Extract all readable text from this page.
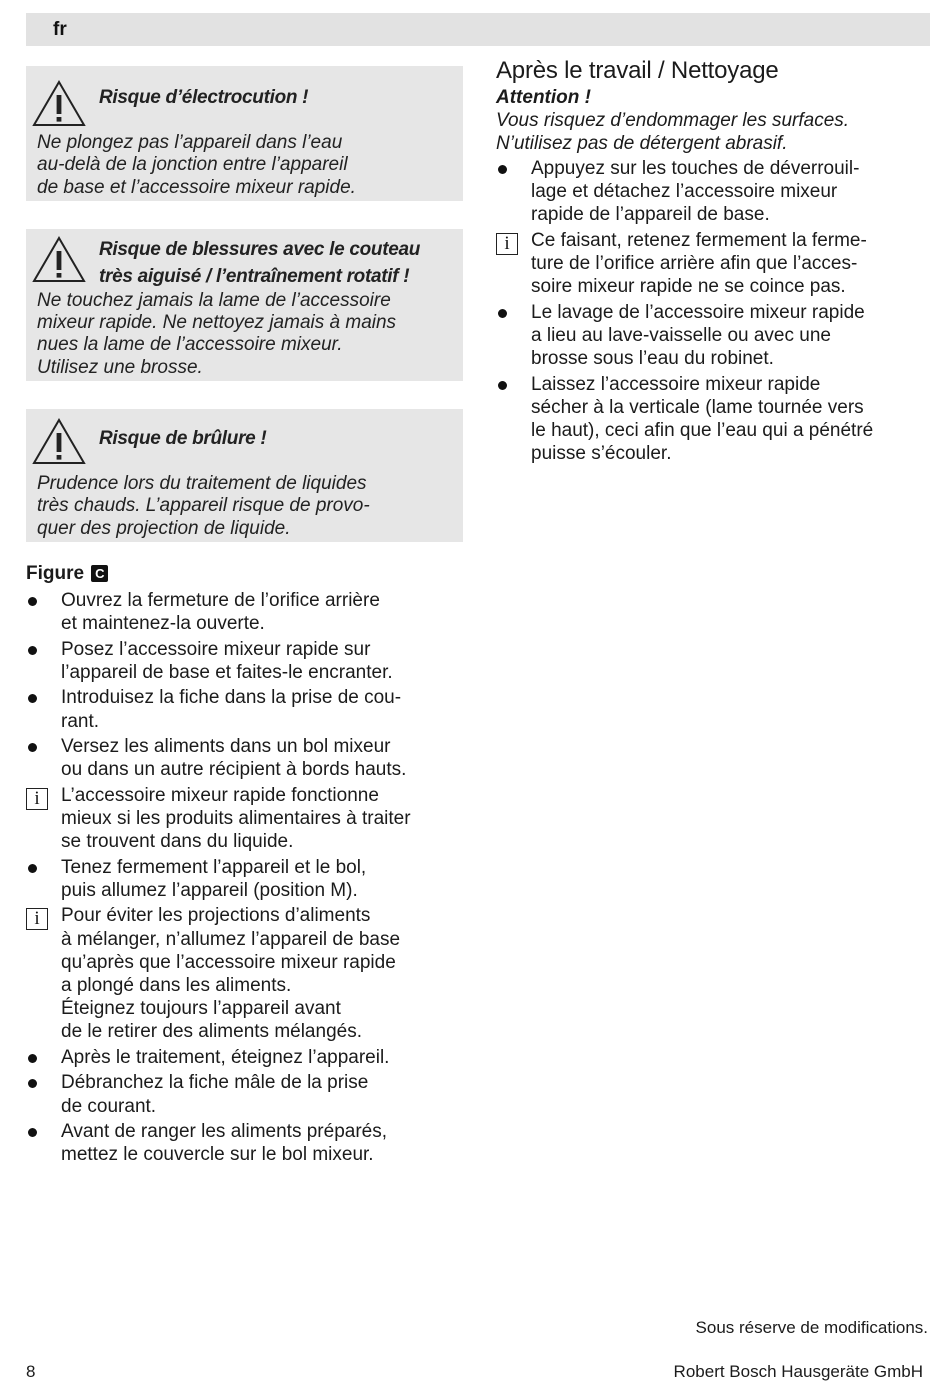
fr
Risque d’électrocution !
Ne plongez pas l’appareil dans l’eau
au-delà de la jonction entre l’appareil
de base et l’accessoire mixeur rapide.
Risque de blessures avec le couteau
très aiguisé / l’entraînement rotatif !
Ne touchez jamais la lame de l’accessoire
mixeur rapide. Ne nettoyez jamais à mains
nues la lame de l’accessoire mixeur.
Utilisez une brosse.
Risque de brûlure !
Prudence lors du traitement de liquides
très chauds. L’appareil risque de provo-
quer des projection de liquide.
Figure C
Ouvrez la fermeture de l’orifice arrière
et maintenez-la ouverte.
Posez l’accessoire mixeur rapide sur
l’appareil de base et faites-le encranter.
Introduisez la fiche dans la prise de cou-
rant.
Versez les aliments dans un bol mixeur
ou dans un autre récipient à bords hauts.
i	L’accessoire mixeur rapide fonctionne
mieux si les produits alimentaires à traiter
se trouvent dans du liquide.
Tenez fermement l’appareil et le bol,
puis allumez l’appareil (position M).
i	Pour éviter les projections d’aliments
à mélanger, n’allumez l’appareil de base
qu’après que l’accessoire mixeur rapide
a plongé dans les aliments.
Éteignez toujours l’appareil avant
de le retirer des aliments mélangés.
Après le traitement, éteignez l’appareil.
Débranchez la fiche mâle de la prise
de courant.
Avant de ranger les aliments préparés,
mettez le couvercle sur le bol mixeur.
Après le travail / Nettoyage
Attention !
Vous risquez d’endommager les surfaces.
N’utilisez pas de détergent abrasif.
Appuyez sur les touches de déverrouil-
lage et détachez l’accessoire mixeur
rapide de l’appareil de base.
i	Ce faisant, retenez fermement la ferme-
ture de l’orifice arrière afin que l’acces-
soire mixeur rapide ne se coince pas.
Le lavage de l’accessoire mixeur rapide
a lieu au lave-vaisselle ou avec une
brosse sous l’eau du robinet.
Laissez l’accessoire mixeur rapide
sécher à la verticale (lame tournée vers
le haut), ceci afin que l’eau qui a pénétré
puisse s’écouler.
Sous réserve de modifications.
8	Robert Bosch Hausgeräte GmbH
